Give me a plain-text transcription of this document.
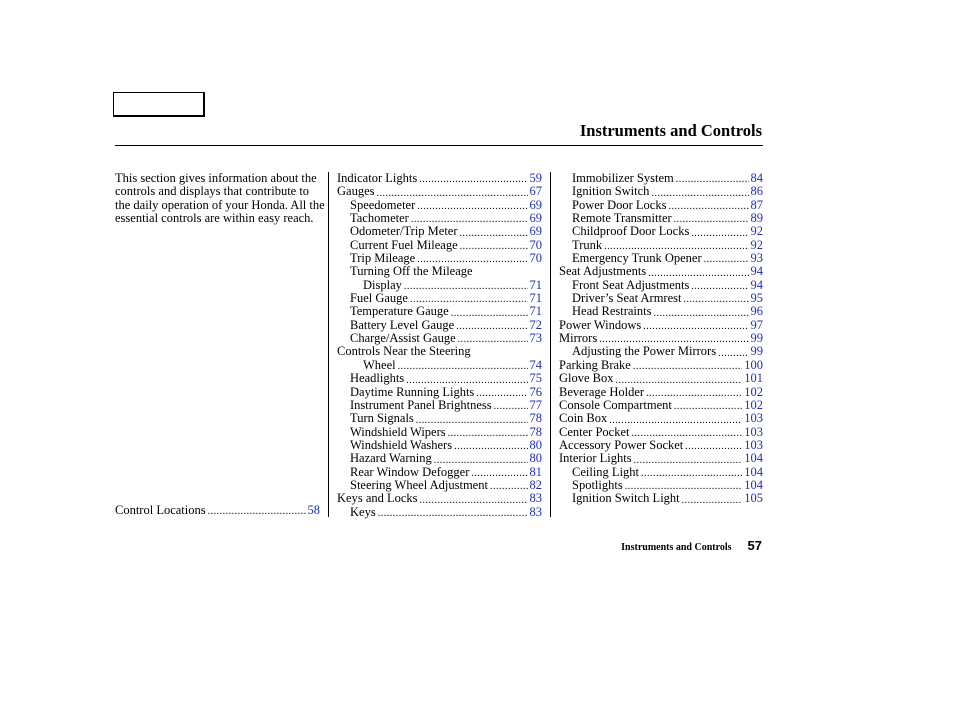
Instruments and Controls

This section gives information about the controls and displays that contribute to the daily operation of your Honda. All the essential controls are within easy reach.

Control Locations .....	58
Indicator Lights .....	59
Gauges .....	67
Speedometer .....	69
Tachometer .....	69
Odometer/Trip Meter .....	69
Current Fuel Mileage .....	70
Trip Mileage .....	70
Turning Off the Mileage
Display .....	71
Fuel Gauge .....	71
Temperature Gauge .....	71
Battery Level Gauge .....	72
Charge/Assist Gauge .....	73
Controls Near the Steering
Wheel .....	74
Headlights .....	75
Daytime Running Lights .....	76
Instrument Panel Brightness .....	77
Turn Signals .....	78
Windshield Wipers .....	78
Windshield Washers .....	80
Hazard Warning .....	80
Rear Window Defogger .....	81
Steering Wheel Adjustment .....	82
Keys and Locks .....	83
Keys .....	83
Immobilizer System .....	84
Ignition Switch .....	86
Power Door Locks .....	87
Remote Transmitter .....	89
Childproof Door Locks .....	92
Trunk .....	92
Emergency Trunk Opener .....	93
Seat Adjustments .....	94
Front Seat Adjustments .....	94
Driver’s Seat Armrest .....	95
Head Restraints .....	96
Power Windows .....	97
Mirrors .....	99
Adjusting the Power Mirrors .....	99
Parking Brake .....	100
Glove Box .....	101
Beverage Holder .....	102
Console Compartment .....	102
Coin Box .....	103
Center Pocket .....	103
Accessory Power Socket .....	103
Interior Lights .....	104
Ceiling Light .....	104
Spotlights .....	104
Ignition Switch Light .....	105
Instruments and Controls 57
